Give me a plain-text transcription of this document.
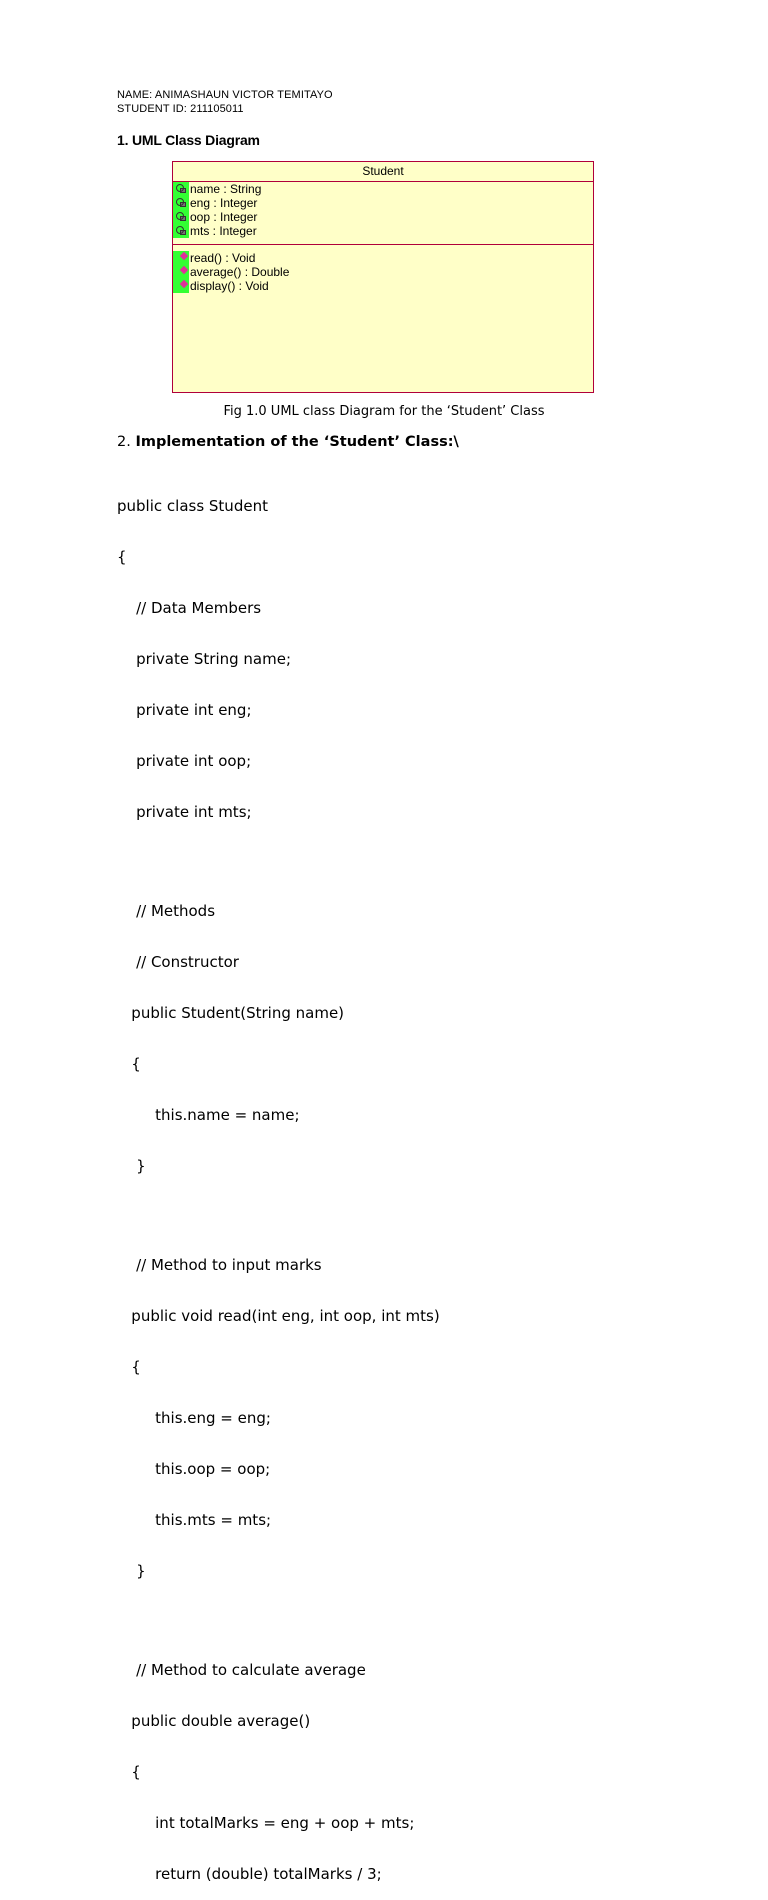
NAME: ANIMASHAUN VICTOR TEMITAYO
STUDENT ID: 211105011
1. UML Class Diagram
Student
name : String
eng : Integer
oop : Integer
mts : Integer
read() : Void
average() : Double
display() : Void
Fig 1.0 UML class Diagram for the ‘Student’ Class
2. Implementation of the ‘Student’ Class:\

public class Student

{

// Data Members

private String name;

private int eng;

private int oop;

private int mts;

// Methods

// Constructor

public Student(String name)

{

this.name = name;

}

// Method to input marks

public void read(int eng, int oop, int mts)

{

this.eng = eng;

this.oop = oop;

this.mts = mts;

}

// Method to calculate average

public double average()

{

int totalMarks = eng + oop + mts;

return (double) totalMarks / 3;
